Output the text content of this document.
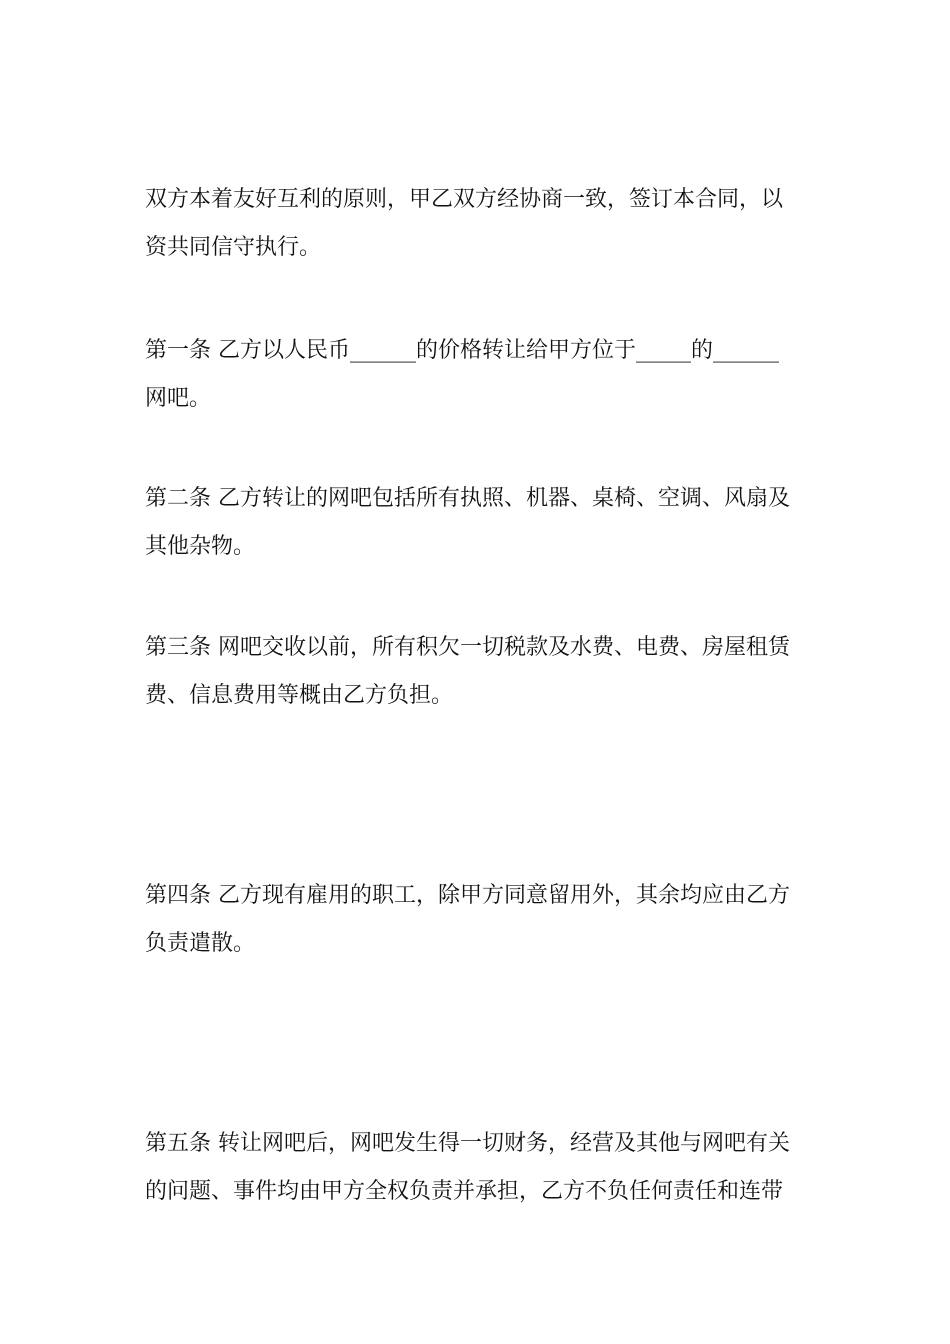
双方本着友好互利的原则，甲乙双方经协商一致，签订本合同，以
资共同信守执行。

第一条 乙方以人民币______的价格转让给甲方位于_____的______
网吧。

第二条 乙方转让的网吧包括所有执照、机器、桌椅、空调、风扇及
其他杂物。

第三条 网吧交收以前，所有积欠一切税款及水费、电费、房屋租赁
费、信息费用等概由乙方负担。

第四条 乙方现有雇用的职工，除甲方同意留用外，其余均应由乙方
负责遣散。

第五条 转让网吧后，网吧发生得一切财务，经营及其他与网吧有关
的问题、事件均由甲方全权负责并承担，乙方不负任何责任和连带
